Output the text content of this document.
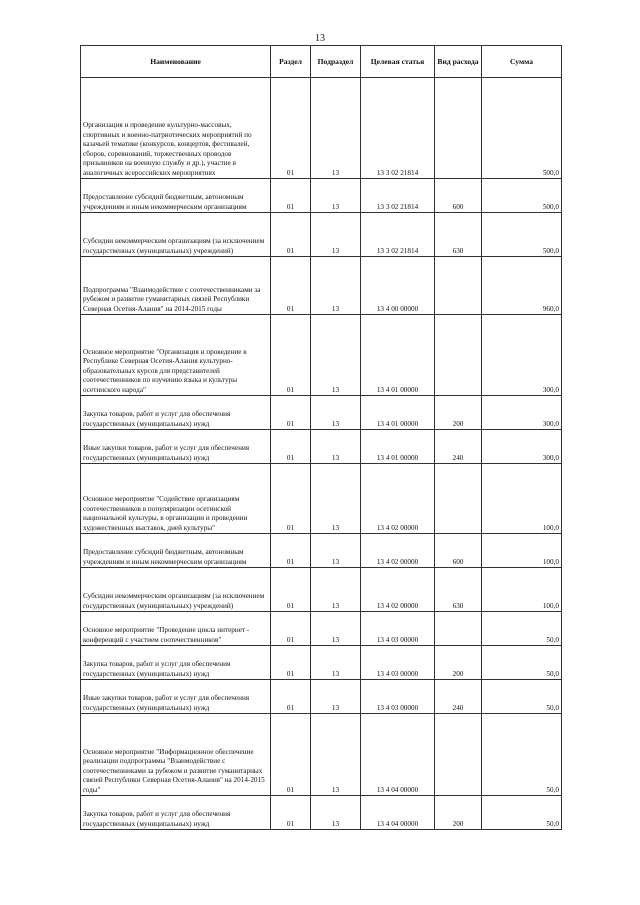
13
Наименование	Раздел	Подраздел	Целевая статья	Вид расхода	Сумма
Организация и проведение культурно-массовых, спортивных и военно-патриотических мероприятий по казачьей тематике (конкурсов, концертов, фестивалей, сборов, соревнований, торжественных проводов призывников на военную службу и др.), участие в аналогичных всероссийских мероприятиях	01	13	13 3 02 21814		500,0
Предоставление субсидий бюджетным, автономным учреждениям и иным некоммерческим организациям	01	13	13 3 02 21814	600	500,0
Субсидии некоммерческим организациям (за исключением государственных (муниципальных) учреждений)	01	13	13 3 02 21814	630	500,0
Подпрограмма "Взаимодействие с соотечественниками за рубежом и развитие гуманитарных связей Республики Северная Осетия-Алания" на 2014-2015 годы	01	13	13 4 00 00000		960,0
Основное мероприятие "Организация и проведение в Республике Северная Осетия-Алания культурно-образовательных курсов для представителей соотечественников по изучению языка и культуры осетинского народа"	01	13	13 4 01 00000		300,0
Закупка товаров, работ и услуг для обеспечения государственных (муниципальных) нужд	01	13	13 4 01 00000	200	300,0
Иные закупки товаров, работ и услуг для обеспечения государственных (муниципальных) нужд	01	13	13 4 01 00000	240	300,0
Основное мероприятие "Содействие организациям соотечественников в популяризации осетинской национальной культуры, в организации и проведении художественных выставок, дней культуры"	01	13	13 4 02 00000		100,0
Предоставление субсидий бюджетным, автономным учреждениям и иным некоммерческим организациям	01	13	13 4 02 00000	600	100,0
Субсидии некоммерческим организациям (за исключением государственных (муниципальных) учреждений)	01	13	13 4 02 00000	630	100,0
Основное мероприятие "Проведение цикла интернет - конференций с участием соотечественников"	01	13	13 4 03 00000		50,0
Закупка товаров, работ и услуг для обеспечения государственных (муниципальных) нужд	01	13	13 4 03 00000	200	50,0
Иные закупки товаров, работ и услуг для обеспечения государственных (муниципальных) нужд	01	13	13 4 03 00000	240	50,0
Основное мероприятие "Информационное обеспечение реализации подпрограммы "Взаимодействие с соотечественниками за рубежом и развитие гуманитарных связей Республики Северная Осетия-Алания" на 2014-2015 годы"	01	13	13 4 04 00000		50,0
Закупка товаров, работ и услуг для обеспечения государственных (муниципальных) нужд	01	13	13 4 04 00000	200	50,0
